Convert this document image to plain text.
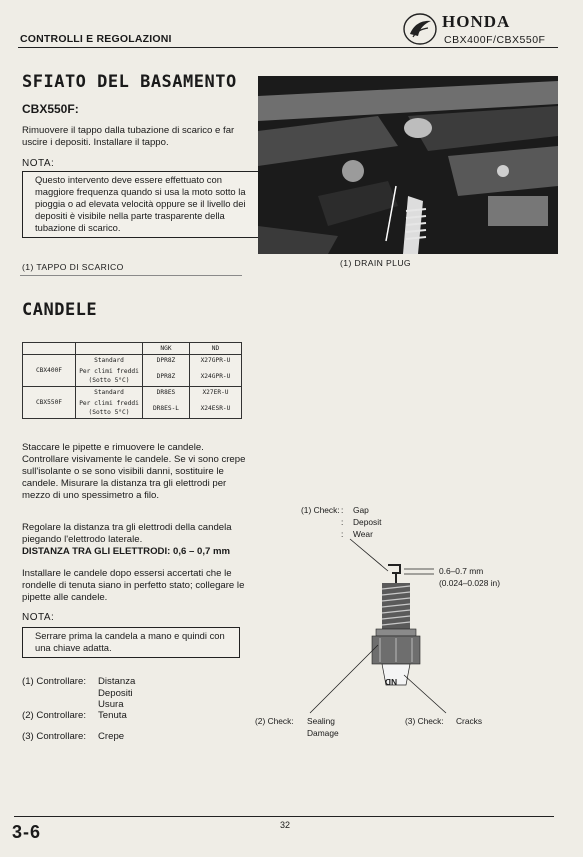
CONTROLLI E REGOLAZIONI
HONDA
CBX400F/CBX550F
SFIATO DEL BASAMENTO
CBX550F:
Rimuovere il tappo dalla tubazione di scarico e far uscire i depositi. Installare il tappo.
NOTA:
Questo intervento deve essere effettuato con maggiore frequenza quando si usa la moto sotto la pioggia o ad elevata velocità oppure se il livello dei depositi è visibile nella parte trasparente della tubazione di scarico.
(1) TAPPO DI SCARICO	(1) DRAIN PLUG
CANDELE
		NGK	ND
CBX400F	Standard	DPR8Z	X27GPR-U
	Per climi freddi (Sotto 5°C)	DPR8Z	X24GPR-U
CBX550F	Standard	DR8ES	X27ER-U
	Per climi freddi (Sotto 5°C)	DR8ES-L	X24ESR-U
Staccare le pipette e rimuovere le candele. Controllare visivamente le candele. Se vi sono crepe sull'isolante o se sono visibili danni, sostituire le candele. Misurare la distanza tra gli elettrodi per mezzo di uno spessimetro a filo.
Regolare la distanza tra gli elettrodi della candela piegando l'elettrodo laterale.
DISTANZA TRA GLI ELETTRODI: 0,6 – 0,7 mm
Installare le candele dopo essersi accertati che le rondelle di tenuta siano in perfetto stato; collegare le pipette alle candele.
NOTA:
Serrare prima la candela a mano e quindi con una chiave adatta.
(1) Controllare: Distanza
Depositi
Usura
(2) Controllare: Tenuta
(3) Controllare: Crepe
(1) Check: : Gap
: Deposit
: Wear
0.6–0.7 mm
(0.024–0.028 in)
ND
(2) Check: Sealing
Damage
(3) Check: Cracks
32
3-6
